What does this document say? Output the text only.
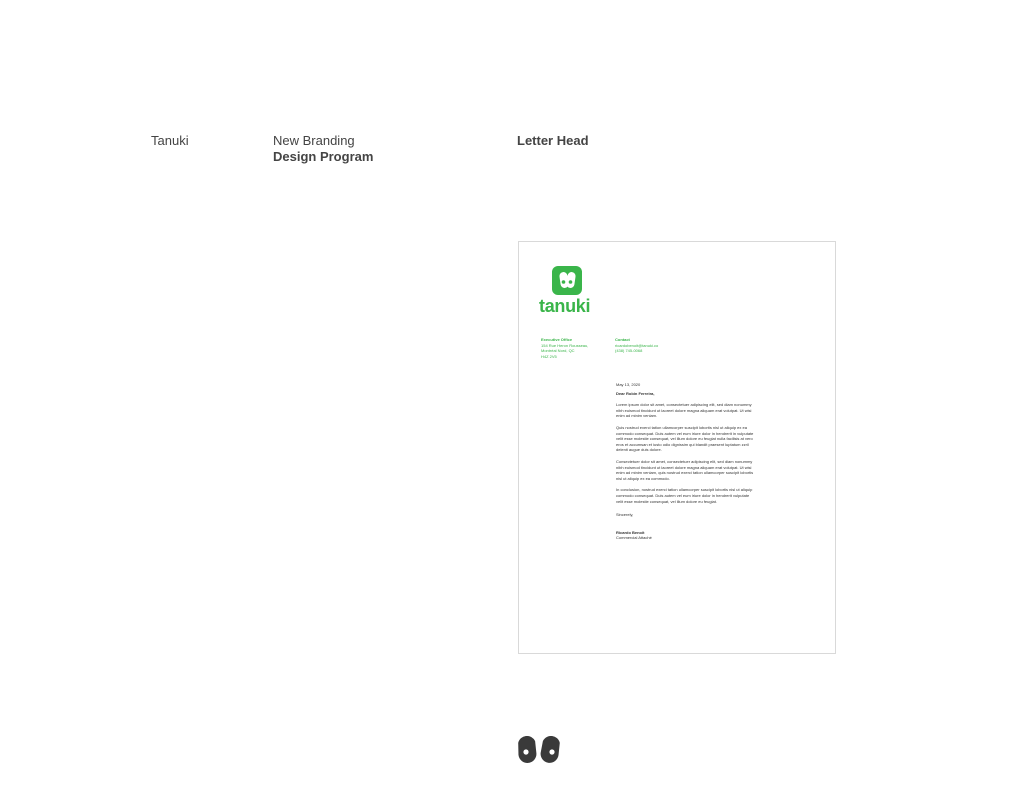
Tanuki	New Branding
Design Program
Letter Head
tanuki
Executive Office
154 Rue Heron Rousseau,
Montréal Nord, QC
H4Z 2V5
Contact
ricardobenoit@tanuki.co
(438) 745-0068

May 13, 2020

Dear Robin Ferreira,

Lorem ipsum dolor sit amet, consectetuer adipiscing elit, sed diam nonummy nibh euismod tincidunt ut laoreet dolore magna aliquam erat volutpat. Ut wisi enim ad minim veniam.

Quis nostrud exerci tation ullamcorper suscipit lobortis nisl ut aliquip ex ea commodo consequat. Duis autem vel eum iriure dolor in hendrerit in vulputate velit esse molestie consequat, vel illum dolore eu feugiat nulla facilisis at vero eros et accumsan et iusto odio dignissim qui blandit praesent luptatum zzril delenit augue duis dolore.

Consectetuer dolor sit amet, consectetuer adipiscing elit, sed diam nonummy nibh euismod tincidunt ut laoreet dolore magna aliquam erat volutpat. Ut wisi enim ad minim veniam, quis nostrud exerci tation ullamcorper suscipit lobortis nisl ut aliquip ex ea commodo.

In conclusion, nostrud exerci tation ullamcorper suscipit lobortis nisl ut aliquip commodo consequat. Duis autem vel eum iriure dolor in hendrerit vulputate velit esse molestie consequat, vel illum dolore eu feugiat.

Sincerely,

Ricardo Benoit

Commercial Attaché
